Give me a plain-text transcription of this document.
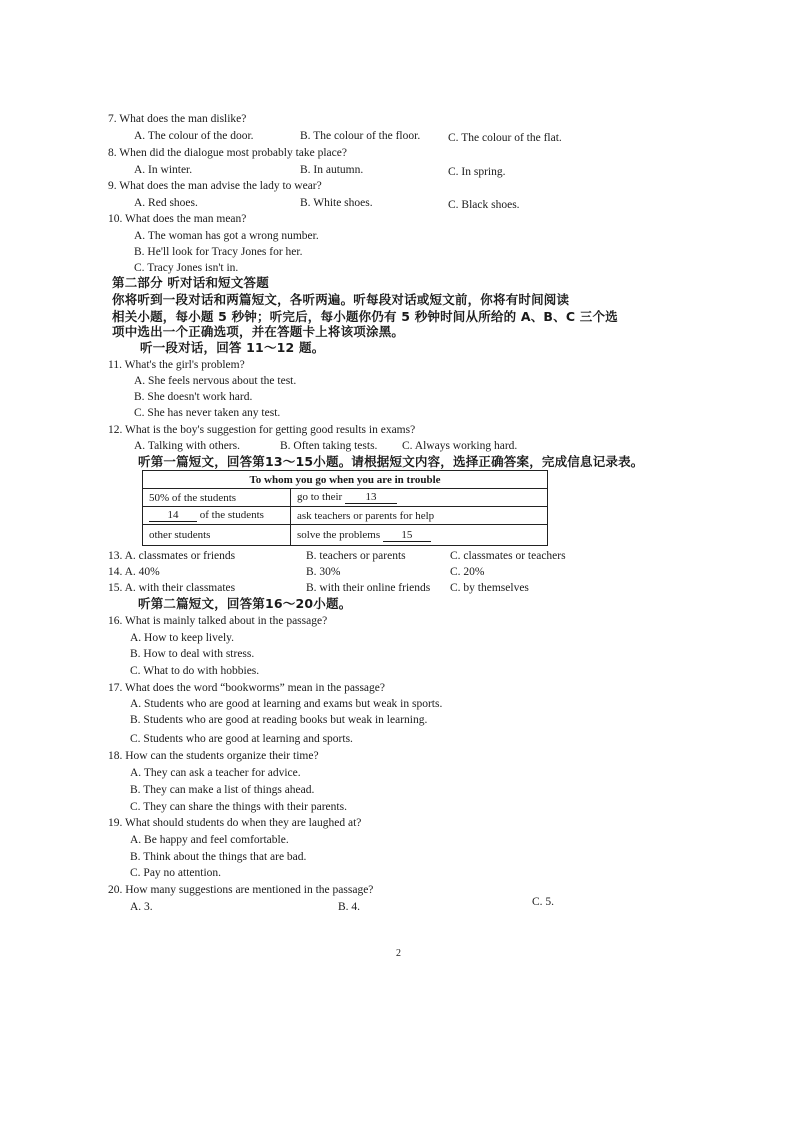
7. What does the man dislike?
A. The colour of the door.	B. The colour of the floor. C. The colour of the flat.
8. When did the dialogue most probably take place?
A. In winter.	B. In autumn.	C. In spring.
9. What does the man advise the lady to wear?
A. Red shoes.	B. White shoes.	C. Black shoes.
10. What does the man mean?
A. The woman has got a wrong number.
B. He'll look for Tracy Jones for her.
C. Tracy Jones isn't in.
第二部分 听对话和短文答题
你将听到一段对话和两篇短文，各听两遍。听每段对话或短文前，你将有时间阅读
相关小题，每小题 5 秒钟；听完后，每小题你仍有 5 秒钟时间从所给的 A、B、C 三个选
项中选出一个正确选项，并在答题卡上将该项涂黑。
听一段对话，回答 11～12 题。
11. What's the girl's problem?
A. She feels nervous about the test.
B. She doesn't work hard.
C. She has never taken any test.
12. What is the boy's suggestion for getting good results in exams?
A. Talking with others.	B. Often taking tests. C. Always working hard.
听第一篇短文，回答第13～15小题。请根据短文内容，选择正确答案，完成信息记录表。
To whom you go when you are in trouble	
50% of the students	go to their 13
14 of the students	ask teachers or parents for help
other students	solve the problems 15
13. A. classmates or friends	B. teachers or parents	C. classmates or teachers
14. A. 40%	B. 30%	C. 20%
15. A. with their classmates	B. with their online friends C. by themselves
听第二篇短文，回答第16～20小题。
16. What is mainly talked about in the passage?
A. How to keep lively.
B. How to deal with stress.
C. What to do with hobbies.
17. What does the word “bookworms” mean in the passage?
A. Students who are good at learning and exams but weak in sports.
B. Students who are good at reading books but weak in learning.
C. Students who are good at learning and sports.
18. How can the students organize their time?
A. They can ask a teacher for advice.
B. They can make a list of things ahead.
C. They can share the things with their parents.
19. What should students do when they are laughed at?
A. Be happy and feel comfortable.
B. Think about the things that are bad.
C. Pay no attention.
20. How many suggestions are mentioned in the passage?
A. 3.	B. 4.	C. 5.
2
